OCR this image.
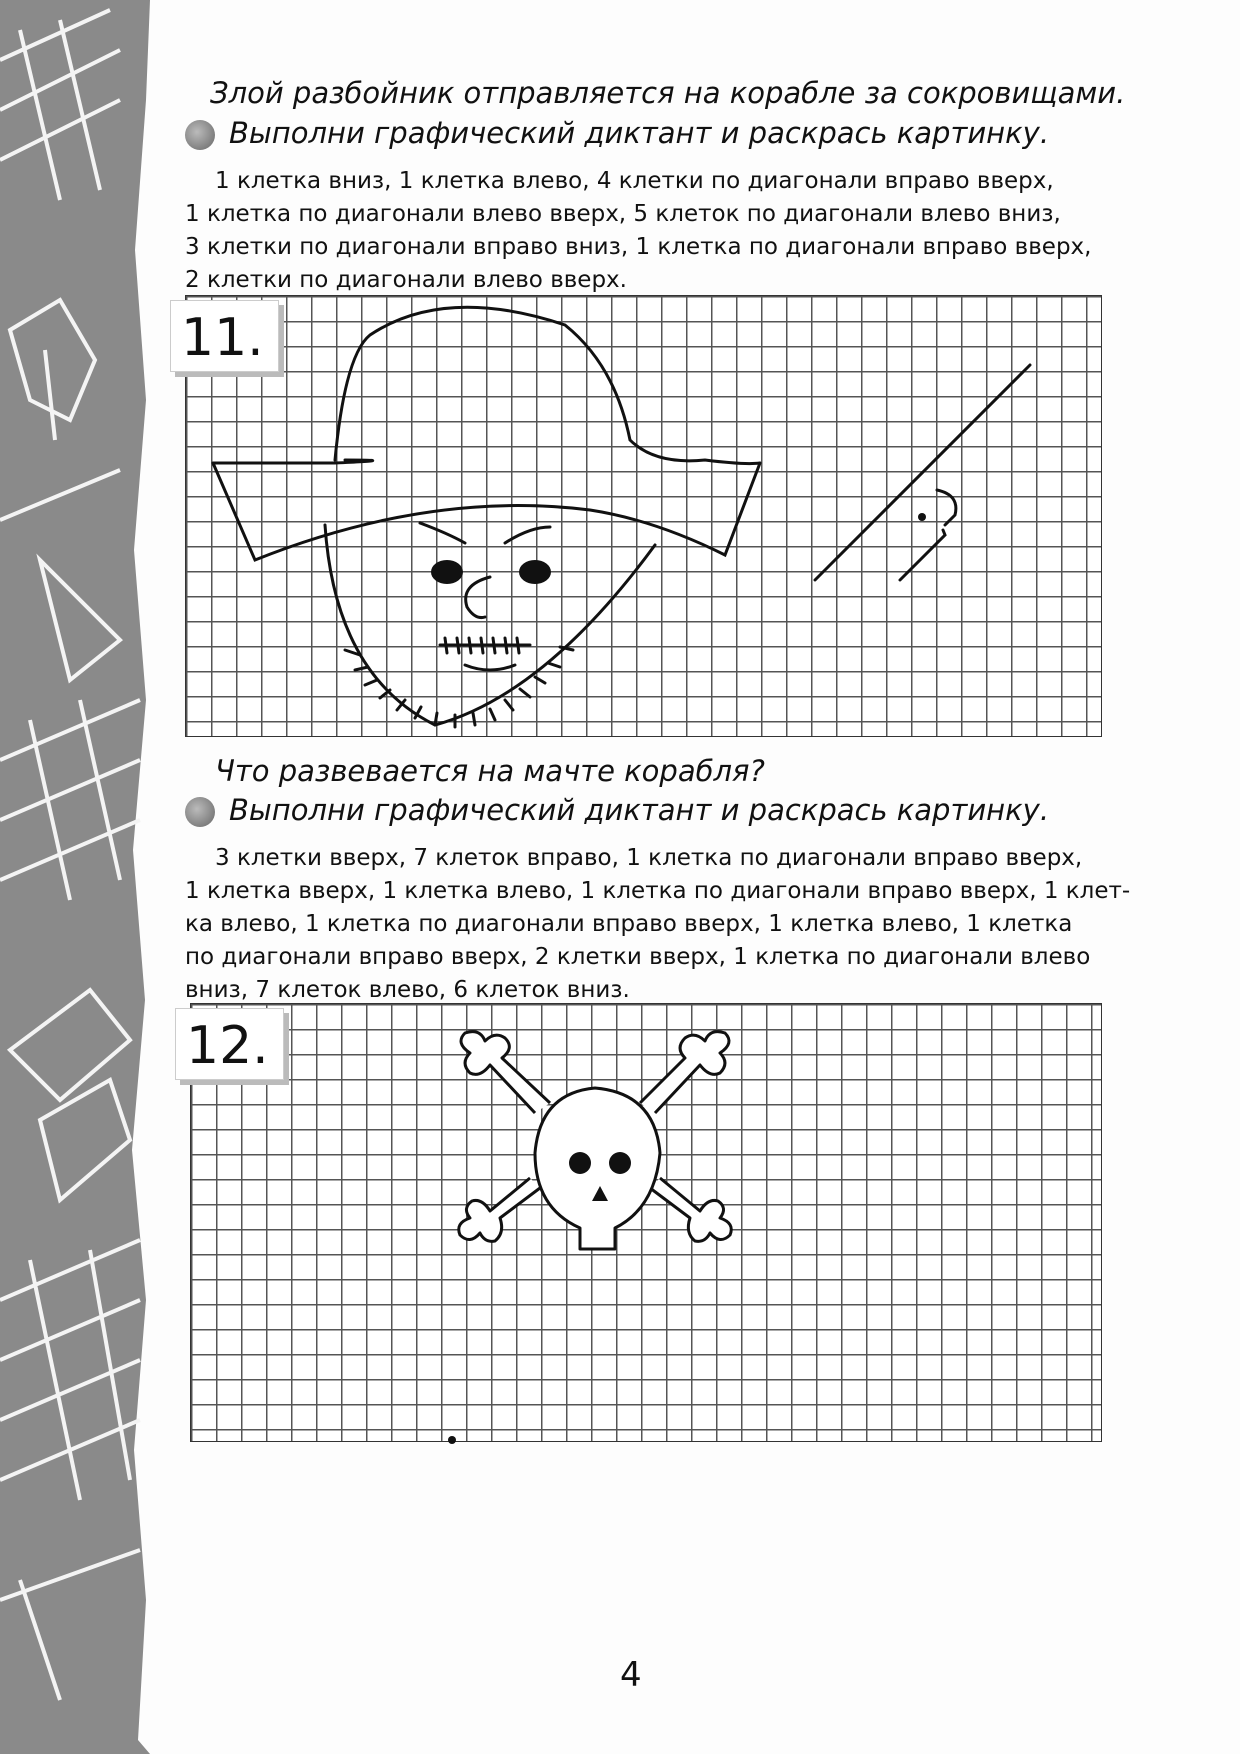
Злой разбойник отправляется на корабле за сокровищами.
Выполни графический диктант и раскрась картинку.
1 клетка вниз, 1 клетка влево, 4 клетки по диагонали вправо вверх,
1 клетка по диагонали влево вверх, 5 клеток по диагонали влево вниз,
3 клетки по диагонали вправо вниз, 1 клетка по диагонали вправо вверх,
2 клетки по диагонали влево вверх.
11.
Что развевается на мачте корабля?
Выполни графический диктант и раскрась картинку.
3 клетки вверх, 7 клеток вправо, 1 клетка по диагонали вправо вверх,
1 клетка вверх, 1 клетка влево, 1 клетка по диагонали вправо вверх, 1 клет-
ка влево, 1 клетка по диагонали вправо вверх, 1 клетка влево, 1 клетка
по диагонали вправо вверх, 2 клетки вверх, 1 клетка по диагонали влево
вниз, 7 клеток влево, 6 клеток вниз.
12.
4
